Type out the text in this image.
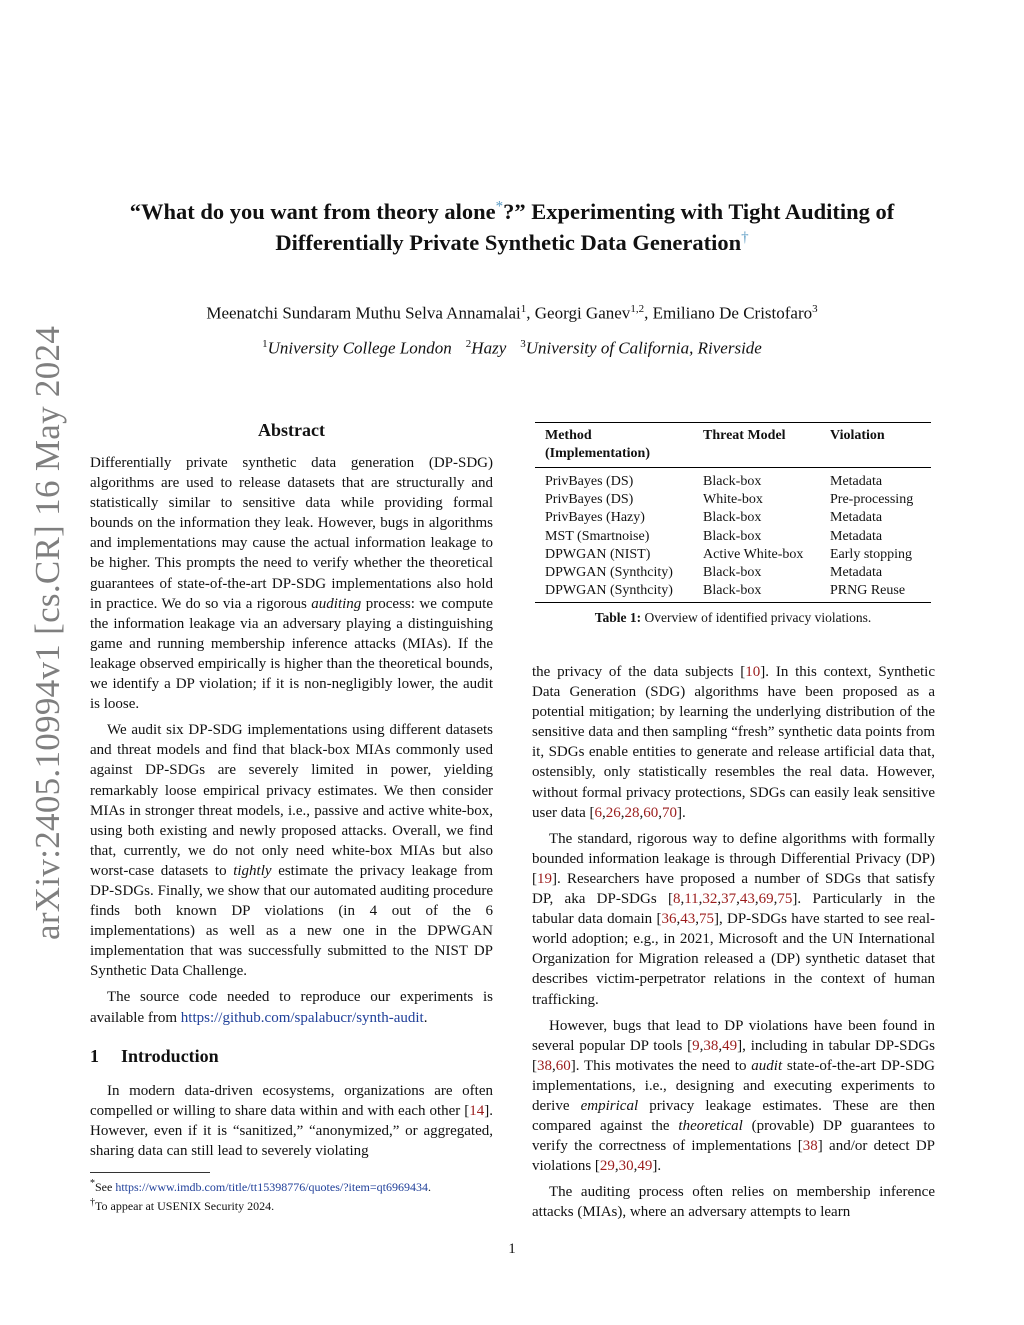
“What do you want from theory alone*?” Experimenting with Tight Auditing of
Differentially Private Synthetic Data Generation†
Meenatchi Sundaram Muthu Selva Annamalai$^1$, Georgi Ganev$^{1,2}$, Emiliano De Cristofaro$^3$
$^1$University College London $^2$Hazy $^3$University of California, Riverside
arXiv:2405.10994v1 [cs.CR] 16 May 2024	Abstract

Differentially private synthetic data generation (DP-SDG) algorithms are used to release datasets that are structurally and statistically similar to sensitive data while providing formal bounds on the information they leak. However, bugs in algorithms and implementations may cause the actual information leakage to be higher. This prompts the need to verify whether the theoretical guarantees of state-of-the-art DP-SDG implementations also hold in practice. We do so via a rigorous auditing process: we compute the information leakage via an adversary playing a distinguishing game and running membership inference attacks (MIAs). If the leakage observed empirically is higher than the theoretical bounds, we identify a DP violation; if it is non-negligibly lower, the audit is loose.

We audit six DP-SDG implementations using different datasets and threat models and find that black-box MIAs commonly used against DP-SDGs are severely limited in power, yielding remarkably loose empirical privacy estimates. We then consider MIAs in stronger threat models, i.e., passive and active white-box, using both existing and newly proposed attacks. Overall, we find that, currently, we do not only need white-box MIAs but also worst-case datasets to tightly estimate the privacy leakage from DP-SDGs. Finally, we show that our automated auditing procedure finds both known DP violations (in 4 out of the 6 implementations) as well as a new one in the DPWGAN implementation that was successfully submitted to the NIST DP Synthetic Data Challenge.

The source code needed to reproduce our experiments is available from https://github.com/spalabucr/synth-audit.

1 Introduction

In modern data-driven ecosystems, organizations are often compelled or willing to share data within and with each other [14]. However, even if it is “sanitized,” “anonymized,” or aggregated, sharing data can still lead to severely violating

*See https://www.imdb.com/title/tt15398776/quotes/?item=qt6969434.
†To appear at USENIX Security 2024.
Method (Implementation)	Threat Model	Violation
PrivBayes (DS)	Black-box	Metadata
PrivBayes (DS)	White-box	Pre-processing
PrivBayes (Hazy)	Black-box	Metadata
MST (Smartnoise)	Black-box	Metadata
DPWGAN (NIST)	Active White-box	Early stopping
DPWGAN (Synthcity)	Black-box	Metadata
DPWGAN (Synthcity)	Black-box	PRNG Reuse
Table 1: Overview of identified privacy violations.

the privacy of the data subjects [10]. In this context, Synthetic Data Generation (SDG) algorithms have been proposed as a potential mitigation; by learning the underlying distribution of the sensitive data and then sampling “fresh” synthetic data points from it, SDGs enable entities to generate and release artificial data that, ostensibly, only statistically resembles the real data. However, without formal privacy protections, SDGs can easily leak sensitive user data [6,26,28,60,70].

The standard, rigorous way to define algorithms with formally bounded information leakage is through Differential Privacy (DP) [19]. Researchers have proposed a number of SDGs that satisfy DP, aka DP-SDGs [8,11,32,37,43,69,75]. Particularly in the tabular data domain [36,43,75], DP-SDGs have started to see real-world adoption; e.g., in 2021, Microsoft and the UN International Organization for Migration released a (DP) synthetic dataset that describes victim-perpetrator relations in the context of human trafficking.

However, bugs that lead to DP violations have been found in several popular DP tools [9,38,49], including in tabular DP-SDGs [38,60]. This motivates the need to audit state-of-the-art DP-SDG implementations, i.e., designing and executing experiments to derive empirical privacy leakage estimates. These are then compared against the theoretical (provable) DP guarantees to verify the correctness of implementations [38] and/or detect DP violations [29,30,49].

The auditing process often relies on membership inference attacks (MIAs), where an adversary attempts to learn

1
